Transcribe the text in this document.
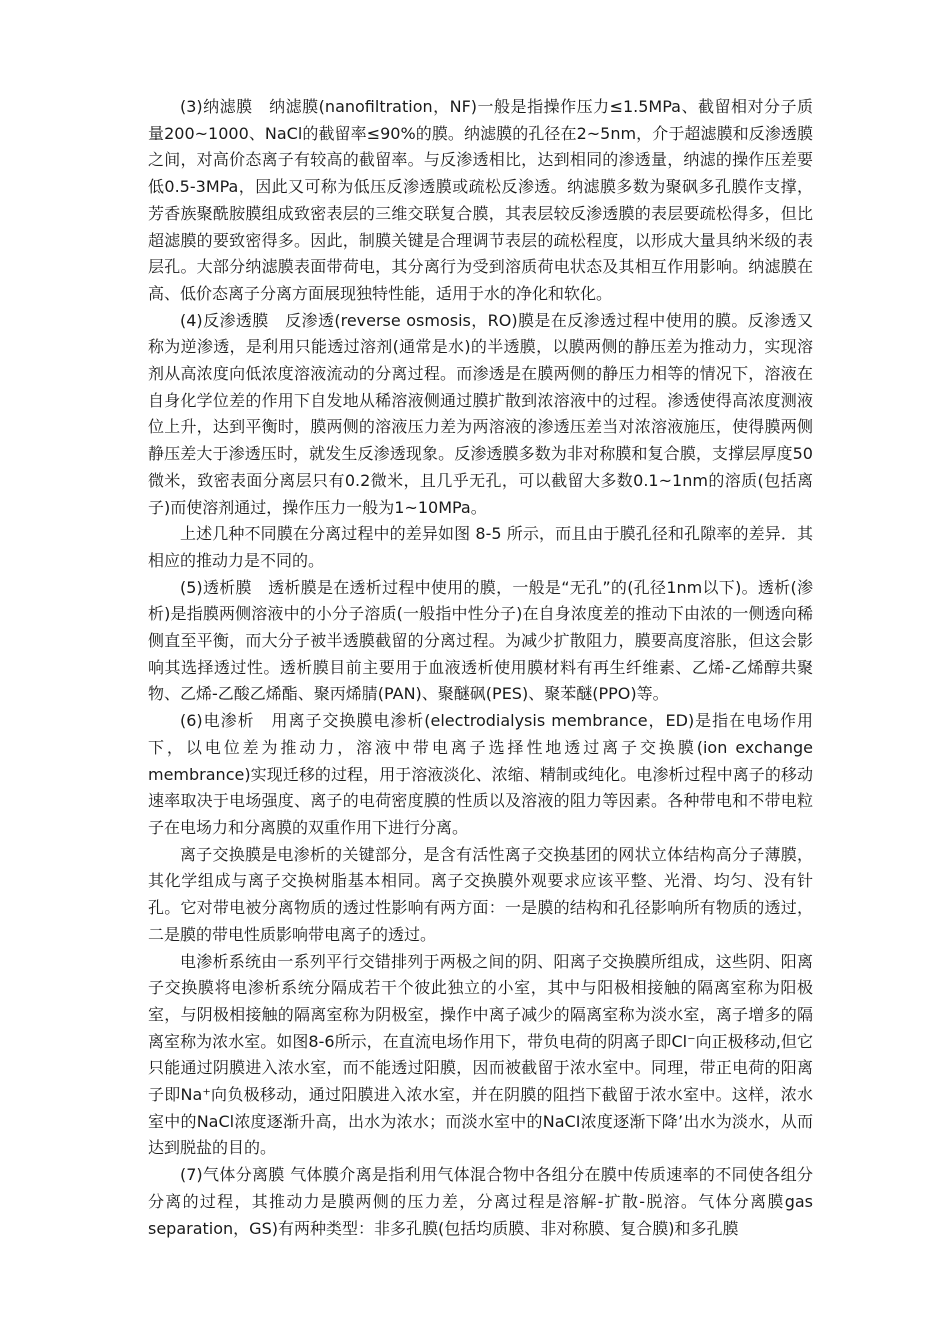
(3)纳滤膜　纳滤膜(nanofiltration，NF)一般是指操作压力≤1.5MPa、截留相对分子质量200~1000、NaCl的截留率≤90%的膜。纳滤膜的孔径在2~5nm，介于超滤膜和反渗透膜之间，对高价态离子有较高的截留率。与反渗透相比，达到相同的渗透量，纳滤的操作压差要低0.5-3MPa，因此又可称为低压反渗透膜或疏松反渗透。纳滤膜多数为聚砜多孔膜作支撑，芳香族聚酰胺膜组成致密表层的三维交联复合膜，其表层较反渗透膜的表层要疏松得多，但比超滤膜的要致密得多。因此，制膜关键是合理调节表层的疏松程度，以形成大量具纳米级的表层孔。大部分纳滤膜表面带荷电，其分离行为受到溶质荷电状态及其相互作用影响。纳滤膜在高、低价态离子分离方面展现独特性能，适用于水的净化和软化。

(4)反渗透膜　反渗透(reverse osmosis，RO)膜是在反渗透过程中使用的膜。反渗透又称为逆渗透，是利用只能透过溶剂(通常是水)的半透膜，以膜两侧的静压差为推动力，实现溶剂从高浓度向低浓度溶液流动的分离过程。而渗透是在膜两侧的静压力相等的情况下，溶液在自身化学位差的作用下自发地从稀溶液侧通过膜扩散到浓溶液中的过程。渗透使得高浓度测液位上升，达到平衡时，膜两侧的溶液压力差为两溶液的渗透压差当对浓溶液施压，使得膜两侧静压差大于渗透压时，就发生反渗透现象。反渗透膜多数为非对称膜和复合膜，支撑层厚度50微米，致密表面分离层只有0.2微米，且几乎无孔，可以截留大多数0.1~1nm的溶质(包括离子)而使溶剂通过，操作压力一般为1~10MPa。

上述几种不同膜在分离过程中的差异如图 8-5 所示，而且由于膜孔径和孔隙率的差异．其相应的推动力是不同的。

(5)透析膜　透析膜是在透析过程中使用的膜，一般是“无孔”的(孔径1nm以下)。透析(渗析)是指膜两侧溶液中的小分子溶质(一般指中性分子)在自身浓度差的推动下由浓的一侧透向稀侧直至平衡，而大分子被半透膜截留的分离过程。为减少扩散阻力，膜要高度溶胀，但这会影响其选择透过性。透析膜目前主要用于血液透析使用膜材料有再生纤维素、乙烯-乙烯醇共聚物、乙烯-乙酸乙烯酯、聚丙烯腈(PAN)、聚醚砜(PES)、聚苯醚(PPO)等。

(6)电渗析　用离子交换膜电渗析(electrodialysis membrance，ED)是指在电场作用下，以电位差为推动力，溶液中带电离子选择性地透过离子交换膜(ion exchange membrance)实现迁移的过程，用于溶液淡化、浓缩、精制或纯化。电渗析过程中离子的移动速率取决于电场强度、离子的电荷密度膜的性质以及溶液的阻力等因素。各种带电和不带电粒子在电场力和分离膜的双重作用下进行分离。

离子交换膜是电渗析的关键部分，是含有活性离子交换基团的网状立体结构高分子薄膜，其化学组成与离子交换树脂基本相同。离子交换膜外观要求应该平整、光滑、均匀、没有针孔。它对带电被分离物质的透过性影响有两方面：一是膜的结构和孔径影响所有物质的透过，二是膜的带电性质影响带电离子的透过。

电渗析系统由一系列平行交错排列于两极之间的阴、阳离子交换膜所组成，这些阴、阳离子交换膜将电渗析系统分隔成若干个彼此独立的小室，其中与阳极相接触的隔离室称为阳极室，与阴极相接触的隔离室称为阴极室，操作中离子减少的隔离室称为淡水室，离子增多的隔离室称为浓水室。如图8-6所示，在直流电场作用下，带负电荷的阴离子即Cl⁻向正极移动,但它只能通过阴膜进入浓水室，而不能透过阳膜，因而被截留于浓水室中。同理，带正电荷的阳离子即Na⁺向负极移动，通过阳膜进入浓水室，并在阴膜的阻挡下截留于浓水室中。这样，浓水室中的NaCl浓度逐渐升高，出水为浓水；而淡水室中的NaCI浓度逐渐下降’出水为淡水，从而达到脱盐的目的。

(7)气体分离膜 气体膜介离是指利用气体混合物中各组分在膜中传质速率的不同使各组分分离的过程，其推动力是膜两侧的压力差，分离过程是溶解-扩散-脱溶。气体分离膜gas separation，GS)有两种类型：非多孔膜(包括均质膜、非对称膜、复合膜)和多孔膜
